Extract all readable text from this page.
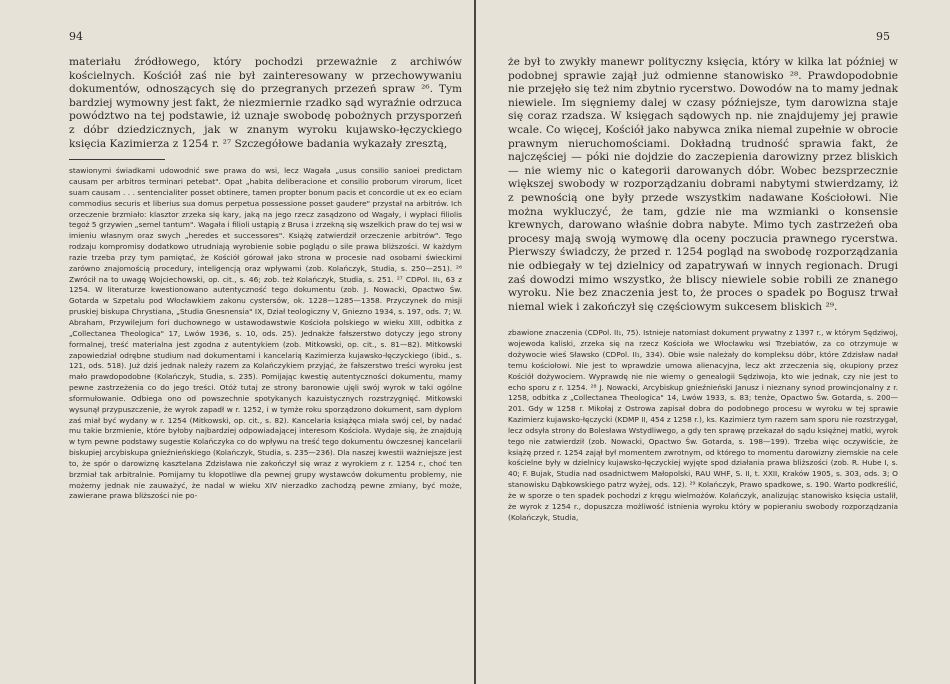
94

materiału źródłowego, który pochodzi przeważnie z archiwów kościelnych. Kościół zaś nie był zainteresowany w przechowywaniu dokumentów, odnoszących się do przegranych przezeń spraw ²⁶. Tym bardziej wymowny jest fakt, że niezmiernie rzadko sąd wyraźnie odrzuca powództwo na tej podstawie, iż uznaje swobodę pobożnych przysporzeń z dóbr dziedzicznych, jak w znanym wyroku kujawsko-łęczyckiego księcia Kazimierza z 1254 r. ²⁷ Szczegółowe badania wykazały zresztą,

stawionymi świadkami udowodnić swe prawa do wsi, lecz Wagała „usus consilio sanioei predictam causam per arbitros terminari petebat". Opat „habita deliberacione et consilio proborum virorum, licet suam causam . . . sentencialiter posset obtinere, tamen propter bonum pacis et concordie ut ex eo eciam commodius securis et liberius sua domus perpetua possessione posset gaudere" przystał na arbitrów. Ich orzeczenie brzmiało: klasztor zrzeka się kary, jaką na jego rzecz zasądzono od Wagały, i wypłaci filiolis tegoż 5 grzywien „semel tantum". Wagała i filioli ustąpią z Brusa i zrzekną się wszelkich praw do tej wsi w imieniu własnym oraz swych „heredes et successores". Książę zatwierdził orzeczenie arbitrów". Tego rodzaju kompromisy dodatkowo utrudniają wyrobienie sobie poglądu o sile prawa bliższości. W każdym razie trzeba przy tym pamiętać, że Kościół górował jako strona w procesie nad osobami świeckimi zarówno znajomością procedury, inteligencją oraz wpływami (zob. Kolańczyk, Studia, s. 250—251). ²⁶ Zwrócił na to uwagę Wojciechowski, op. cit., s. 46; zob. też Kolańczyk, Studia, s. 251. ²⁷ CDPol. II₁, 63 z 1254. W literaturze kwestionowano autentyczność tego dokumentu (zob. J. Nowacki, Opactwo Św. Gotarda w Szpetalu pod Włocławkiem zakonu cystersów, ok. 1228—1285—1358. Przyczynek do misji pruskiej biskupa Chrystiana, „Studia Gnesnensia" IX, Dział teologiczny V, Gniezno 1934, s. 197, ods. 7; W. Abraham, Przywilejum fori duchownego w ustawodawstwie Kościoła polskiego w wieku XIII, odbitka z „Collectanea Theologica" 17, Lwów 1936, s. 10, ods. 25). Jednakże fałszerstwo dotyczy jego strony formalnej, treść materialna jest zgodna z autentykiem (zob. Mitkowski, op. cit., s. 81—82). Mitkowski zapowiedział odrębne studium nad dokumentami i kancelarią Kazimierza kujawsko-łęczyckiego (ibid., s. 121, ods. 518). Już dziś jednak należy razem za Kolańczykiem przyjąć, że fałszerstwo treści wyroku jest mało prawdopodobne (Kolańczyk, Studia, s. 235). Pomijając kwestię autentyczności dokumentu, mamy pewne zastrzeżenia co do jego treści. Otóż tutaj ze strony baronowie ujęli swój wyrok w taki ogólne sformułowanie. Odbiega ono od powszechnie spotykanych kazuistycznych rozstrzygnięć. Mitkowski wysunął przypuszczenie, że wyrok zapadł w r. 1252, i w tymże roku sporządzono dokument, sam dyplom zaś miał być wydany w r. 1254 (Mitkowski, op. cit., s. 82). Kancelaria książęca miała swój cel, by nadać mu takie brzmienie, które byłoby najbardziej odpowiadającej interesom Kościoła. Wydaje się, że znajdują w tym pewne podstawy sugestie Kolańczyka co do wpływu na treść tego dokumentu ówczesnej kancelarii biskupiej arcybiskupa gnieźnieńskiego (Kolańczyk, Studia, s. 235—236). Dla naszej kwestii ważniejsze jest to, że spór o darowiznę kasztelana Zdzisława nie zakończył się wraz z wyrokiem z r. 1254 r., choć ten brzmiał tak arbitralnie. Pomijamy tu kłopotliwe dla pewnej grupy wystawców dokumentu problemy, nie możemy jednak nie zauważyć, że nadal w wieku XIV nierzadko zachodzą pewne zmiany, być może, zawierane prawa bliższości nie po-

95

że był to zwykły manewr polityczny księcia, który w kilka lat później w podobnej sprawie zajął już odmienne stanowisko ²⁸. Prawdopodobnie nie przejęło się też nim zbytnio rycerstwo. Dowodów na to mamy jednak niewiele. Im sięgniemy dalej w czasy późniejsze, tym darowizna staje się coraz rzadsza. W księgach sądowych np. nie znajdujemy jej prawie wcale. Co więcej, Kościół jako nabywca znika niemal zupełnie w obrocie prawnym nieruchomościami. Dokładną trudność sprawia fakt, że najczęściej — póki nie dojdzie do zaczepienia darowizny przez bliskich — nie wiemy nic o kategorii darowanych dóbr. Wobec bezsprzecznie większej swobody w rozporządzaniu dobrami nabytymi stwierdzamy, iż z pewnością one były przede wszystkim nadawane Kościołowi. Nie można wykluczyć, że tam, gdzie nie ma wzmianki o konsensie krewnych, darowano właśnie dobra nabyte. Mimo tych zastrzeżeń oba procesy mają swoją wymowę dla oceny poczucia prawnego rycerstwa. Pierwszy świadczy, że przed r. 1254 pogląd na swobodę rozporządzania nie odbiegały w tej dzielnicy od zapatrywań w innych regionach. Drugi zaś dowodzi mimo wszystko, że bliscy niewiele sobie robili ze znanego wyroku. Nie bez znaczenia jest to, że proces o spadek po Bogusz trwał niemal wiek i zakończył się częściowym sukcesem bliskich ²⁹.

zbawione znaczenia (CDPol. II₁, 75). Istnieje natomiast dokument prywatny z 1397 r., w którym Sędziwoj, wojewoda kaliski, zrzeka się na rzecz Kościoła we Włocławku wsi Trzebiatów, za co otrzymuje w dożywocie wieś Sławsko (CDPol. II₁, 334). Obie wsie należały do kompleksu dóbr, które Zdzisław nadał temu kościołowi. Nie jest to wprawdzie umowa alienacyjna, lecz akt zrzeczenia się, okupiony przez Kościół dożywociem. Wyprawdę nie nie wiemy o genealogii Sędziwoja, kto wie jednak, czy nie jest to echo sporu z r. 1254. ²⁸ J. Nowacki, Arcybiskup gnieźnieński Janusz i nieznany synod prowincjonalny z r. 1258, odbitka z „Collectanea Theologica" 14, Lwów 1933, s. 83; tenże, Opactwo Św. Gotarda, s. 200—201. Gdy w 1258 r. Mikołaj z Ostrowa zapisał dobra do podobnego procesu w wyroku w tej sprawie Kazimierz kujawsko-łęczycki (KDMP II, 454 z 1258 r.), ks. Kazimierz tym razem sam sporu nie rozstrzygał, lecz odsyła strony do Bolesława Wstydliwego, a gdy ten sprawę przekazał do sądu księżnej matki, wyrok tego nie zatwierdził (zob. Nowacki, Opactwo Św. Gotarda, s. 198—199). Trzeba więc oczywiście, że książę przed r. 1254 zajął był momentem zwrotnym, od którego to momentu darowizny ziemskie na cele kościelne były w dzielnicy kujawsko-łęczyckiej wyjęte spod działania prawa bliższości (zob. R. Hube I, s. 40; F. Bujak, Studia nad osadnictwem Małopolski, RAU WHF, S. II, t. XXII, Kraków 1905, s. 303, ods. 3; O stanowisku Dąbkowskiego patrz wyżej, ods. 12). ²⁹ Kolańczyk, Prawo spadkowe, s. 190. Warto podkreślić, że w sporze o ten spadek pochodzi z kręgu wielmożów. Kolańczyk, analizując stanowisko księcia ustalił, że wyrok z 1254 r., dopuszcza możliwość istnienia wyroku który w popieraniu swobody rozporządzania (Kolańczyk, Studia,
